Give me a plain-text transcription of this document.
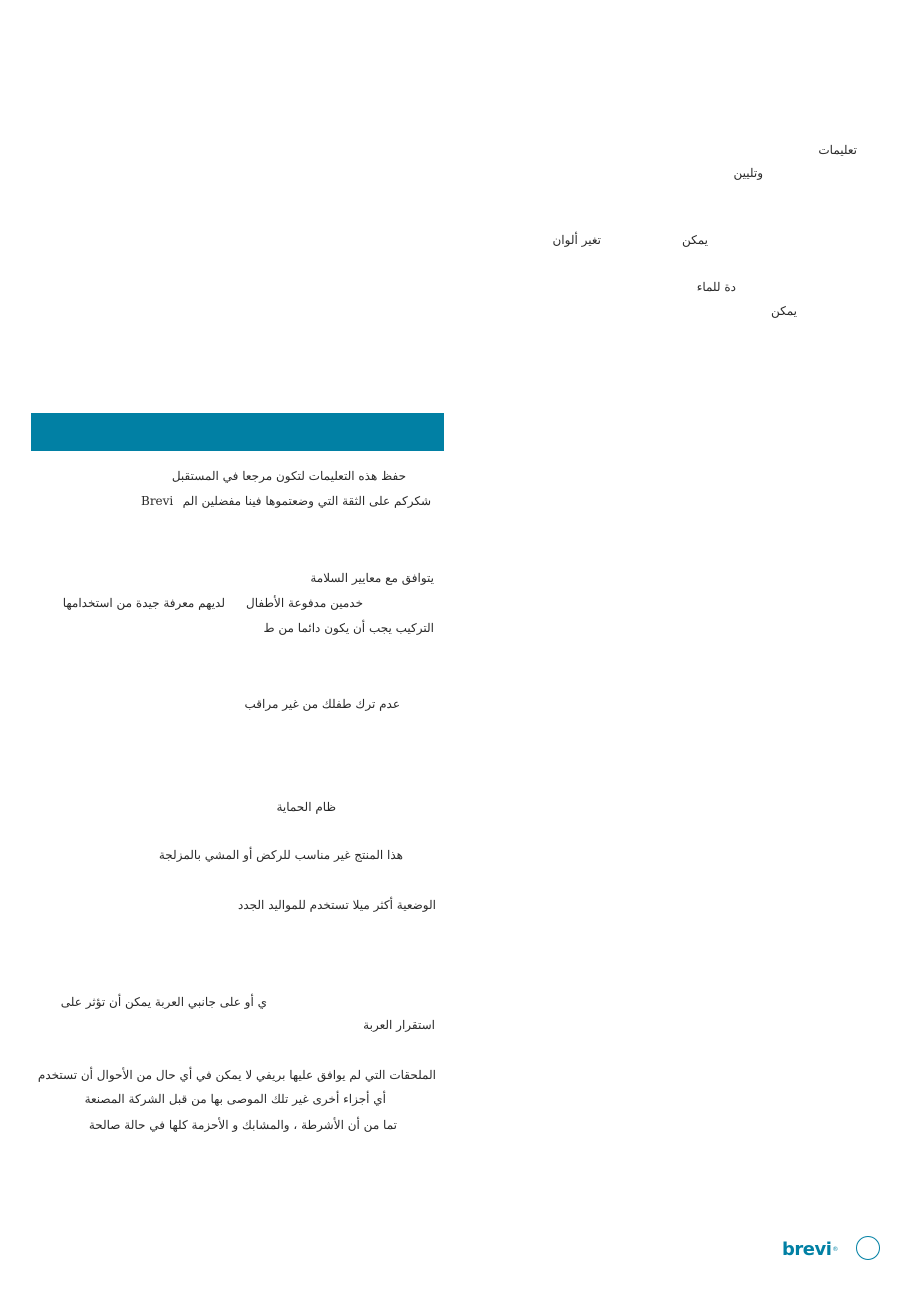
تعليمات
وتليين
يمكن
تغير ألوان
دة للماء
يمكن
حفظ هذه التعليمات لتكون مرجعا في المستقبل
شكركم على الثقة التي وضعتموها فينا مفضلين الم
Brevi
يتوافق مع معايير السلامة
خدمين مدفوعة الأطفال
لديهم معرفة جيدة من استخدامها
التركيب يجب أن يكون دائما من ط
عدم ترك طفلك من غير مراقب
ظام الحماية
هذا المنتج غير مناسب للركض أو المشي بالمزلجة
الوضعية أكثر ميلا تستخدم للمواليد الجدد
ي أو على جانبي العربة يمكن أن تؤثر على
استقرار العربة
الملحقات التي لم يوافق عليها بريفي لا يمكن في أي حال من الأحوال أن تستخدم
أي أجزاء أخرى غير تلك الموصى بها من قبل الشركة المصنعة
تما من أن الأشرطة ، والمشابك و الأحزمة كلها في حالة صالحة
brevi®
